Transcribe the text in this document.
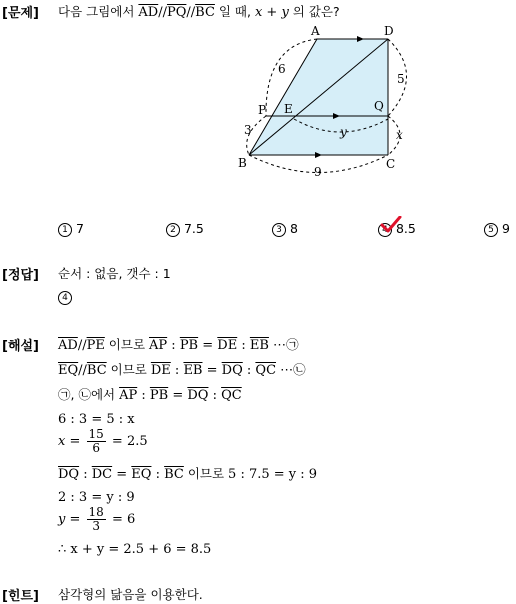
[문제] 다음 그림에서 $\overline{AD}//\overline{PQ}//\overline{BC}$ 일 때, x + y 의 값은?
A	D
P E	Q
B	C
6
3
5
9
x
y
1 7	2 7.5	3 8	4 8.5	5 9
[정답] 순서 : 없음, 갯수 : 1
4
[해설] $\overline{AD}//\overline{PE}$ 이므로 $\overline{AP}$ : $\overline{PB} = \overline{DE}$ : $\overline{EB}$ ⋯㉠
$\overline{EQ}//\overline{BC}$ 이므로 $\overline{DE}$ : $\overline{EB} = \overline{DQ}$ : $\overline{QC}$ ⋯㉡
㉠, ㉡에서 $\overline{AP}$ : $\overline{PB} = \overline{DQ}$ : $\overline{QC}$
6 : 3 = 5 : x
$x = \frac{15}{6} = 2.5$
$\overline{DQ}$ : $\overline{DC} = \overline{EQ}$ : $\overline{BC}$ 이므로 5 : 7.5 = y : 9
2 : 3 = y : 9
$y = \frac{18}{3} = 6$
∴ x + y = 2.5 + 6 = 8.5
[힌트] 삼각형의 닮음을 이용한다.
